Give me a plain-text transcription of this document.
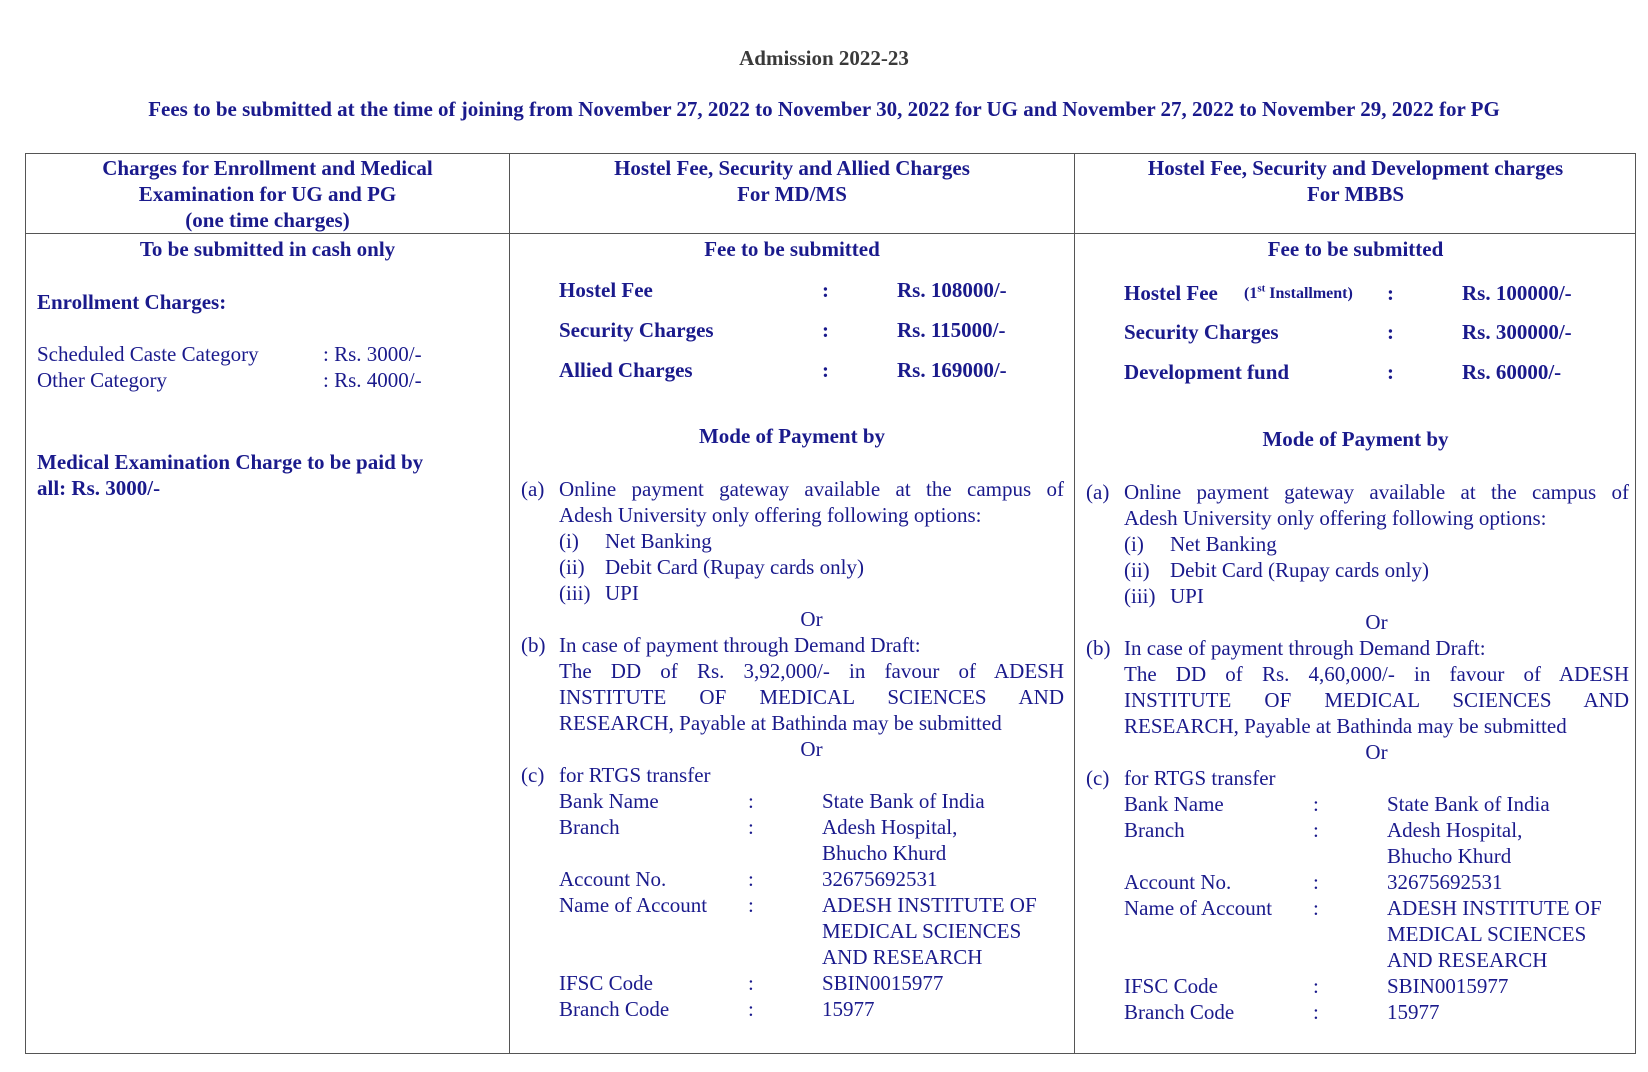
Admission 2022-23
Fees to be submitted at the time of joining from November 27, 2022 to November 30, 2022 for UG and November 27, 2022 to November 29, 2022 for PG
Charges for Enrollment and Medical
Examination for UG and PG
(one time charges)
To be submitted in cash only
Enrollment Charges:
Scheduled Caste Category	: Rs. 3000/-
Other Category	: Rs. 4000/-
Medical Examination Charge to be paid by
all: Rs. 3000/-
Hostel Fee, Security and Allied Charges
For MD/MS
Fee to be submitted
Hostel Fee	:	Rs. 108000/-
Security Charges	:	Rs. 115000/-
Allied Charges	:	Rs. 169000/-
Mode of Payment by
(a) Online payment gateway available at the campus of
Adesh University only offering following options:
(i) Net Banking
(ii) Debit Card (Rupay cards only)
(iii) UPI
Or
(b) In case of payment through Demand Draft:
The DD of Rs. 3,92,000/- in favour of ADESH
INSTITUTE OF MEDICAL SCIENCES AND
RESEARCH, Payable at Bathinda may be submitted
Or
(c) for RTGS transfer
Bank Name	:	State Bank of India
Branch	:	Adesh Hospital,
Bhucho Khurd
Account No.	:	32675692531
Name of Account :	ADESH INSTITUTE OF
MEDICAL SCIENCES
AND RESEARCH
IFSC Code	:	SBIN0015977
Branch Code	:	15977
Hostel Fee, Security and Development charges
For MBBS
Fee to be submitted
Hostel Fee (1st Installment) :	Rs. 100000/-
Security Charges	:	Rs. 300000/-
Development fund	:	Rs. 60000/-
Mode of Payment by
(a) Online payment gateway available at the campus of
Adesh University only offering following options:
(i) Net Banking
(ii) Debit Card (Rupay cards only)
(iii) UPI
Or
(b) In case of payment through Demand Draft:
The DD of Rs. 4,60,000/- in favour of ADESH
INSTITUTE OF MEDICAL SCIENCES AND
RESEARCH, Payable at Bathinda may be submitted
Or
(c) for RTGS transfer
Bank Name	:	State Bank of India
Branch	:	Adesh Hospital,
Bhucho Khurd
Account No.	:	32675692531
Name of Account :	ADESH INSTITUTE OF
MEDICAL SCIENCES
AND RESEARCH
IFSC Code	:	SBIN0015977
Branch Code	:	15977
